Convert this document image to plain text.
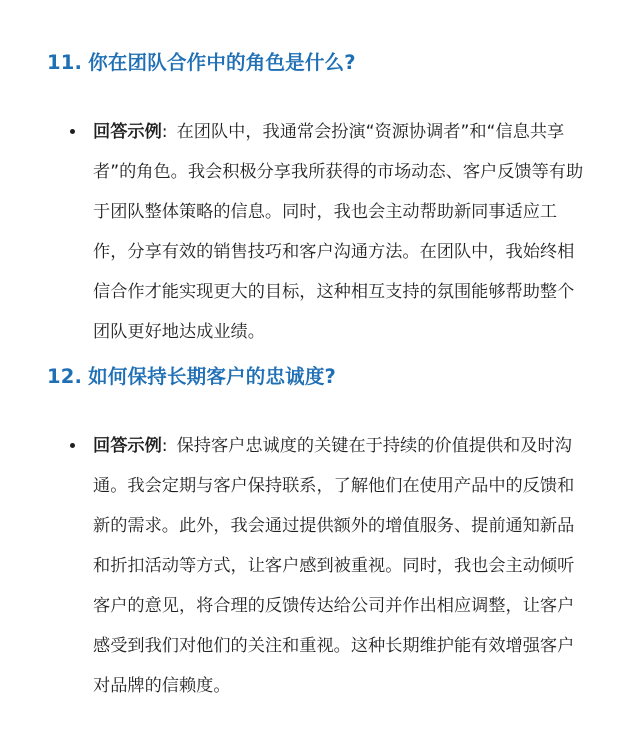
11. 你在团队合作中的角色是什么?
回答示例: 在团队中，我通常会扮演“资源协调者”和“信息共享者”的角色。我会积极分享我所获得的市场动态、客户反馈等有助于团队整体策略的信息。同时，我也会主动帮助新同事适应工作，分享有效的销售技巧和客户沟通方法。在团队中，我始终相信合作才能实现更大的目标，这种相互支持的氛围能够帮助整个团队更好地达成业绩。
12. 如何保持长期客户的忠诚度?
回答示例: 保持客户忠诚度的关键在于持续的价值提供和及时沟通。我会定期与客户保持联系，了解他们在使用产品中的反馈和新的需求。此外，我会通过提供额外的增值服务、提前通知新品和折扣活动等方式，让客户感到被重视。同时，我也会主动倾听客户的意见，将合理的反馈传达给公司并作出相应调整，让客户感受到我们对他们的关注和重视。这种长期维护能有效增强客户对品牌的信赖度。
